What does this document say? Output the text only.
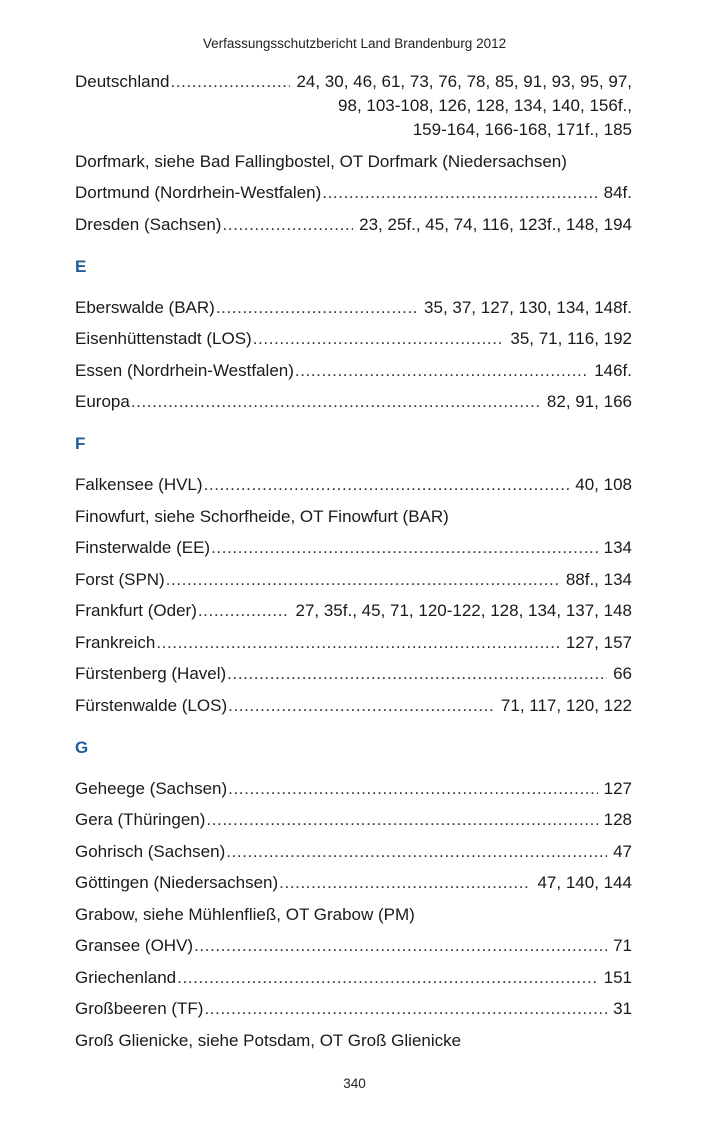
Verfassungsschutzbericht Land Brandenburg 2012
Deutschland .....	24, 30, 46, 61, 73, 76, 78, 85, 91, 93, 95, 97,
98, 103-108, 126, 128, 134, 140, 156f.,
159-164, 166-168, 171f., 185
Dorfmark, siehe Bad Fallingbostel, OT Dorfmark (Niedersachsen)
Dortmund (Nordrhein-Westfalen) .....	84f.
Dresden (Sachsen) .....	23, 25f., 45, 74, 116, 123f., 148, 194
E
Eberswalde (BAR) .....	35, 37, 127, 130, 134, 148f.
Eisenhüttenstadt (LOS) .....	35, 71, 116, 192
Essen (Nordrhein-Westfalen) .....	146f.
Europa .....	82, 91, 166
F
Falkensee (HVL) .....	40, 108
Finowfurt, siehe Schorfheide, OT Finowfurt (BAR)
Finsterwalde (EE) .....	134
Forst (SPN) .....	88f., 134
Frankfurt (Oder) .....	27, 35f., 45, 71, 120-122, 128, 134, 137, 148
Frankreich .....	127, 157
Fürstenberg (Havel) .....	66
Fürstenwalde (LOS) .....	71, 117, 120, 122
G
Geheege (Sachsen) .....	127
Gera (Thüringen) .....	128
Gohrisch (Sachsen) .....	47
Göttingen (Niedersachsen) .....	47, 140, 144
Grabow, siehe Mühlenfließ, OT Grabow (PM)
Gransee (OHV) .....	71
Griechenland .....	151
Großbeeren (TF) .....	31
Groß Glienicke, siehe Potsdam, OT Groß Glienicke
340
